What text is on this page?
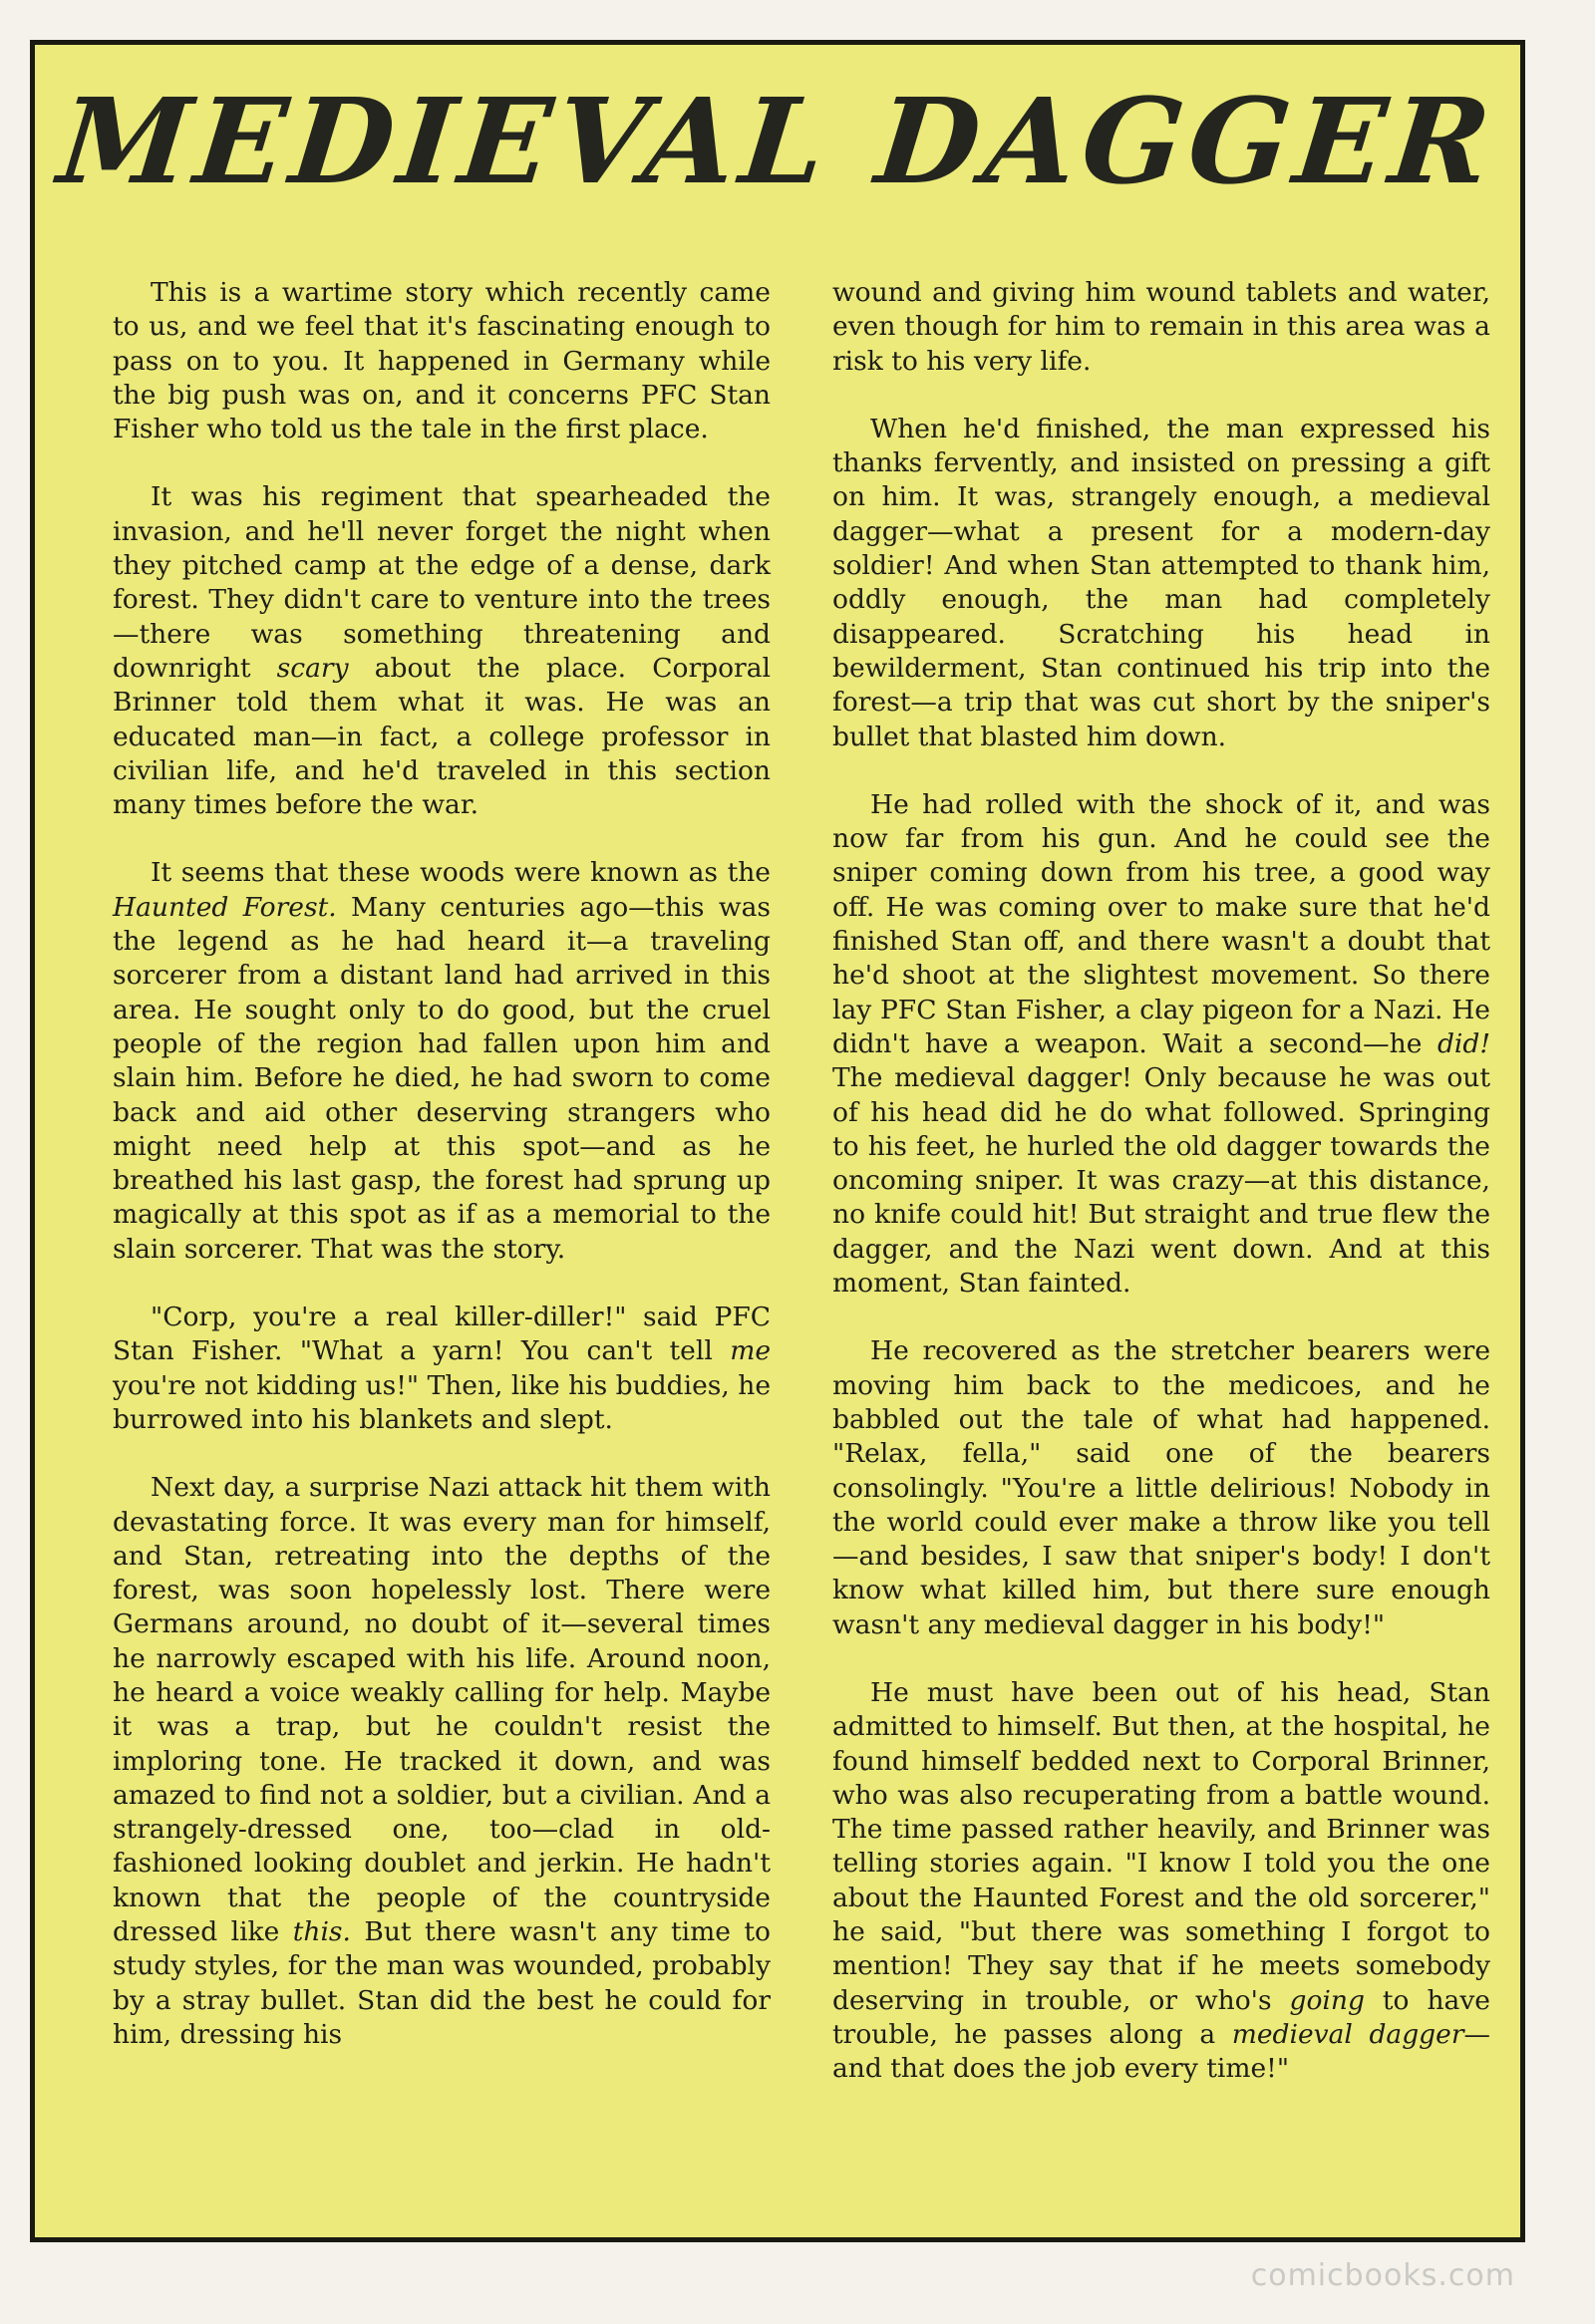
MEDIEVAL DAGGER

This is a wartime story which recently came to us, and we feel that it's fascinating enough to pass on to you. It happened in Germany while the big push was on, and it concerns PFC Stan Fisher who told us the tale in the first place.

It was his regiment that spearheaded the invasion, and he'll never forget the night when they pitched camp at the edge of a dense, dark forest. They didn't care to venture into the trees—there was something threatening and downright scary about the place. Corporal Brinner told them what it was. He was an educated man—in fact, a college professor in civilian life, and he'd traveled in this section many times before the war.

It seems that these woods were known as the Haunted Forest. Many centuries ago—this was the legend as he had heard it—a traveling sorcerer from a distant land had arrived in this area. He sought only to do good, but the cruel people of the region had fallen upon him and slain him. Before he died, he had sworn to come back and aid other deserving strangers who might need help at this spot—and as he breathed his last gasp, the forest had sprung up magically at this spot as if as a memorial to the slain sorcerer. That was the story.

"Corp, you're a real killer-diller!" said PFC Stan Fisher. "What a yarn! You can't tell me you're not kidding us!" Then, like his buddies, he burrowed into his blankets and slept.

Next day, a surprise Nazi attack hit them with devastating force. It was every man for himself, and Stan, retreating into the depths of the forest, was soon hopelessly lost. There were Germans around, no doubt of it—several times he narrowly escaped with his life. Around noon, he heard a voice weakly calling for help. Maybe it was a trap, but he couldn't resist the imploring tone. He tracked it down, and was amazed to find not a soldier, but a civilian. And a strangely-dressed one, too—clad in old-fashioned looking doublet and jerkin. He hadn't known that the people of the countryside dressed like this. But there wasn't any time to study styles, for the man was wounded, probably by a stray bullet. Stan did the best he could for him, dressing his

wound and giving him wound tablets and water, even though for him to remain in this area was a risk to his very life.

When he'd finished, the man expressed his thanks fervently, and insisted on pressing a gift on him. It was, strangely enough, a medieval dagger—what a present for a modern-day soldier! And when Stan attempted to thank him, oddly enough, the man had completely disappeared. Scratching his head in bewilderment, Stan continued his trip into the forest—a trip that was cut short by the sniper's bullet that blasted him down.

He had rolled with the shock of it, and was now far from his gun. And he could see the sniper coming down from his tree, a good way off. He was coming over to make sure that he'd finished Stan off, and there wasn't a doubt that he'd shoot at the slightest movement. So there lay PFC Stan Fisher, a clay pigeon for a Nazi. He didn't have a weapon. Wait a second—he did! The medieval dagger! Only because he was out of his head did he do what followed. Springing to his feet, he hurled the old dagger towards the oncoming sniper. It was crazy—at this distance, no knife could hit! But straight and true flew the dagger, and the Nazi went down. And at this moment, Stan fainted.

He recovered as the stretcher bearers were moving him back to the medicoes, and he babbled out the tale of what had happened. "Relax, fella," said one of the bearers consolingly. "You're a little delirious! Nobody in the world could ever make a throw like you tell—and besides, I saw that sniper's body! I don't know what killed him, but there sure enough wasn't any medieval dagger in his body!"

He must have been out of his head, Stan admitted to himself. But then, at the hospital, he found himself bedded next to Corporal Brinner, who was also recuperating from a battle wound. The time passed rather heavily, and Brinner was telling stories again. "I know I told you the one about the Haunted Forest and the old sorcerer," he said, "but there was something I forgot to mention! They say that if he meets somebody deserving in trouble, or who's going to have trouble, he passes along a medieval dagger—and that does the job every time!"

comicbooks.com
